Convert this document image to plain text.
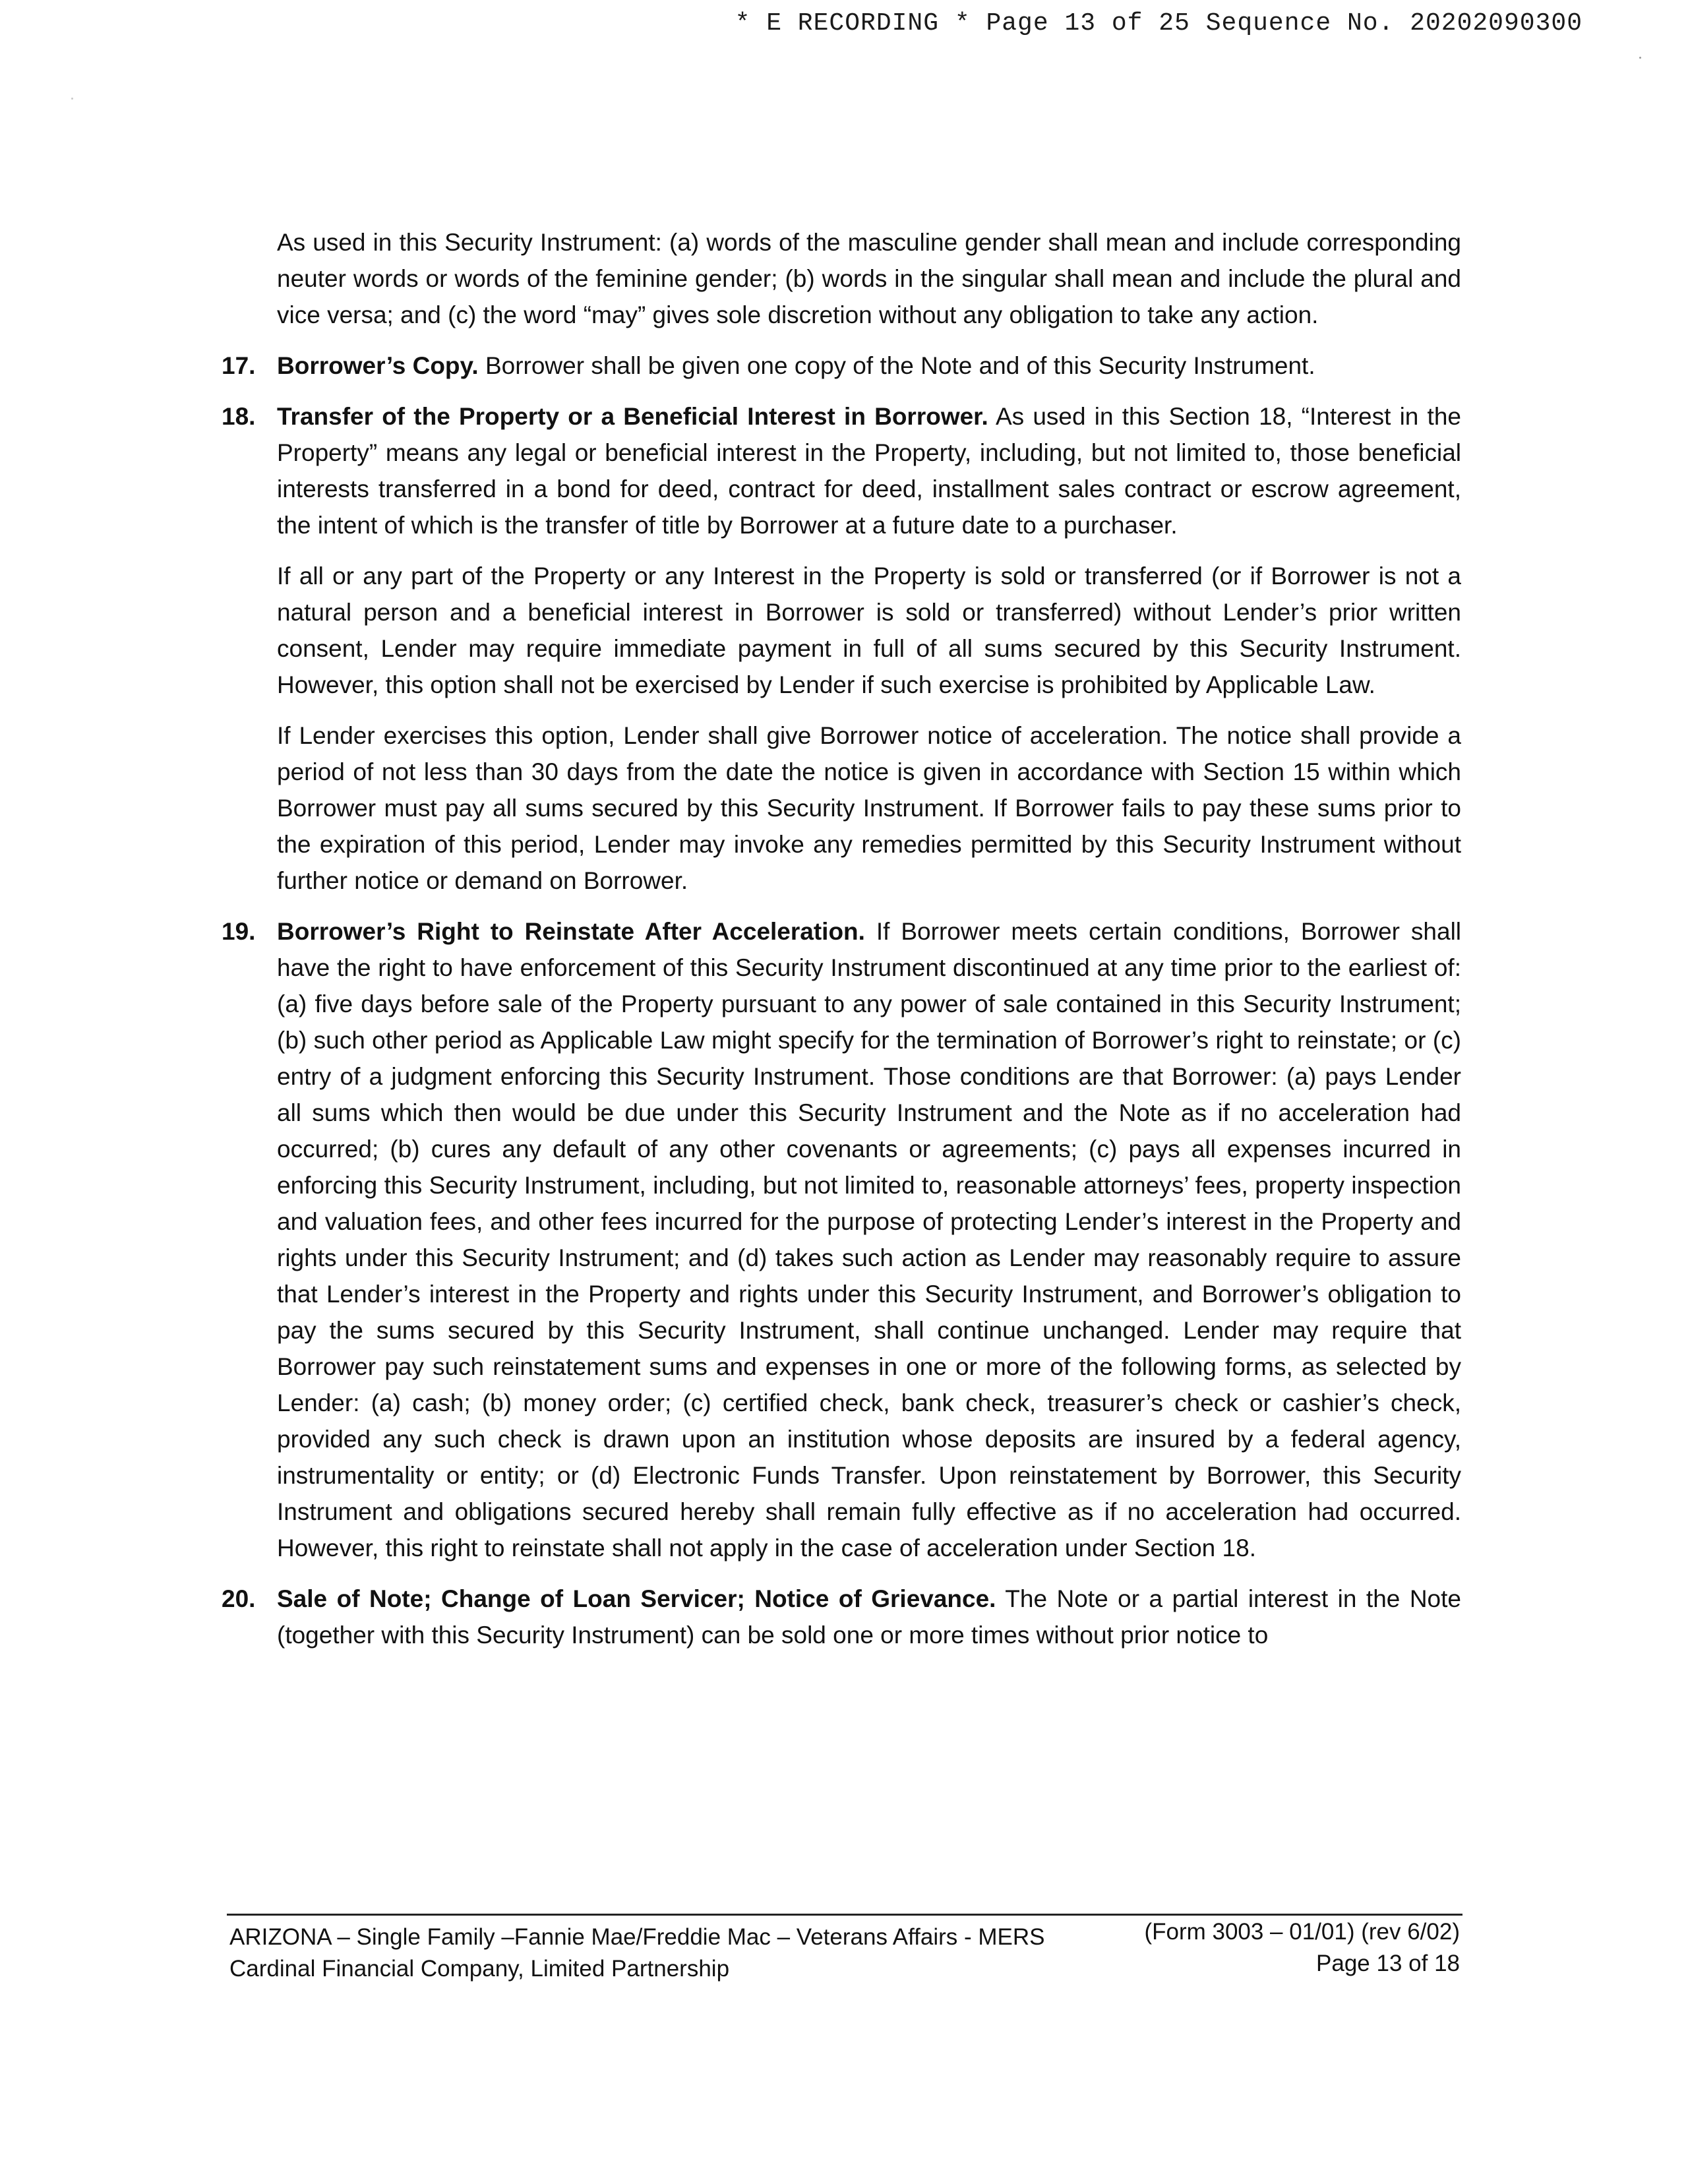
* E RECORDING * Page 13 of 25 Sequence No. 20202090300

As used in this Security Instrument: (a) words of the masculine gender shall mean and include corresponding neuter words or words of the feminine gender; (b) words in the singular shall mean and include the plural and vice versa; and (c) the word “may” gives sole discretion without any obligation to take any action.

17. Borrower’s Copy. Borrower shall be given one copy of the Note and of this Security Instrument.

18. Transfer of the Property or a Beneficial Interest in Borrower. As used in this Section 18, “Interest in the Property” means any legal or beneficial interest in the Property, including, but not limited to, those beneficial interests transferred in a bond for deed, contract for deed, installment sales contract or escrow agreement, the intent of which is the transfer of title by Borrower at a future date to a purchaser.

If all or any part of the Property or any Interest in the Property is sold or transferred (or if Borrower is not a natural person and a beneficial interest in Borrower is sold or transferred) without Lender’s prior written consent, Lender may require immediate payment in full of all sums secured by this Security Instrument. However, this option shall not be exercised by Lender if such exercise is prohibited by Applicable Law.

If Lender exercises this option, Lender shall give Borrower notice of acceleration. The notice shall provide a period of not less than 30 days from the date the notice is given in accordance with Section 15 within which Borrower must pay all sums secured by this Security Instrument. If Borrower fails to pay these sums prior to the expiration of this period, Lender may invoke any remedies permitted by this Security Instrument without further notice or demand on Borrower.

19. Borrower’s Right to Reinstate After Acceleration. If Borrower meets certain conditions, Borrower shall have the right to have enforcement of this Security Instrument discontinued at any time prior to the earliest of: (a) five days before sale of the Property pursuant to any power of sale contained in this Security Instrument; (b) such other period as Applicable Law might specify for the termination of Borrower’s right to reinstate; or (c) entry of a judgment enforcing this Security Instrument. Those conditions are that Borrower: (a) pays Lender all sums which then would be due under this Security Instrument and the Note as if no acceleration had occurred; (b) cures any default of any other covenants or agreements; (c) pays all expenses incurred in enforcing this Security Instrument, including, but not limited to, reasonable attorneys’ fees, property inspection and valuation fees, and other fees incurred for the purpose of protecting Lender’s interest in the Property and rights under this Security Instrument; and (d) takes such action as Lender may reasonably require to assure that Lender’s interest in the Property and rights under this Security Instrument, and Borrower’s obligation to pay the sums secured by this Security Instrument, shall continue unchanged. Lender may require that Borrower pay such reinstatement sums and expenses in one or more of the following forms, as selected by Lender: (a) cash; (b) money order; (c) certified check, bank check, treasurer’s check or cashier’s check, provided any such check is drawn upon an institution whose deposits are insured by a federal agency, instrumentality or entity; or (d) Electronic Funds Transfer. Upon reinstatement by Borrower, this Security Instrument and obligations secured hereby shall remain fully effective as if no acceleration had occurred. However, this right to reinstate shall not apply in the case of acceleration under Section 18.

20. Sale of Note; Change of Loan Servicer; Notice of Grievance. The Note or a partial interest in the Note (together with this Security Instrument) can be sold one or more times without prior notice to

ARIZONA – Single Family –Fannie Mae/Freddie Mac – Veterans Affairs - MERS
Cardinal Financial Company, Limited Partnership
(Form 3003 – 01/01) (rev 6/02)
Page 13 of 18
